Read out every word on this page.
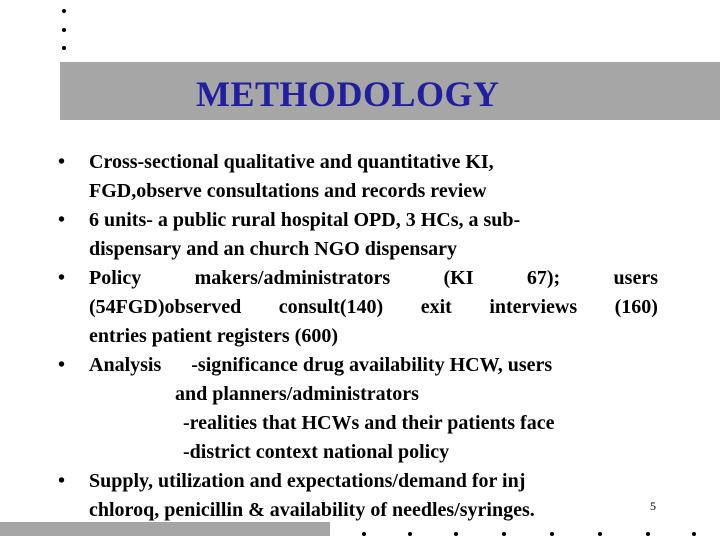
METHODOLOGY
•	Cross-sectional qualitative and quantitative KI,
FGD,observe consultations and records review
•	6 units- a public rural hospital OPD, 3 HCs, a sub-
dispensary and an church NGO dispensary
•	Policy	makers/administrators	(KI	67);	users
(54FGD)observed consult(140) exit interviews (160)
entries patient registers (600)
•	Analysis -significance drug availability HCW, users
and planners/administrators
-realities that HCWs and their patients face
-district context national policy
•	Supply, utilization and expectations/demand for inj
chloroq, penicillin & availability of needles/syringes.	5
